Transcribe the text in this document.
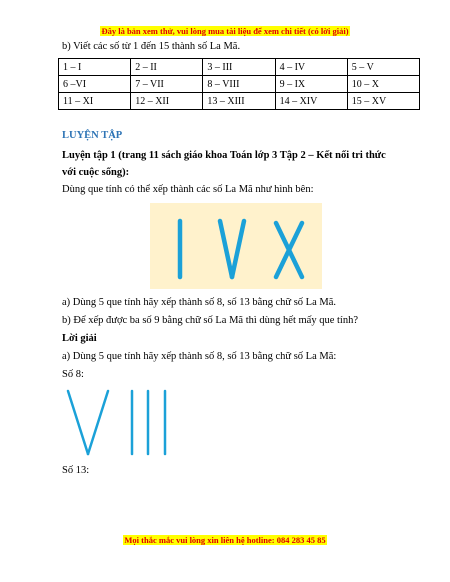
Đây là bản xem thử, vui lòng mua tài liệu để xem chi tiết (có lời giải)
b) Viết các số từ 1 đến 15 thành số La Mã.
1 – I	2 – II	3 – III	4 – IV	5 – V
6 –VI	7 – VII	8 – VIII	9 – IX	10 – X
11 – XI	12 – XII	13 – XIII	14 – XIV	15 – XV
LUYỆN TẬP
Luyện tập 1 (trang 11 sách giáo khoa Toán lớp 3 Tập 2 – Kết nối tri thức
với cuộc sống):
Dùng que tính có thể xếp thành các số La Mã như hình bên:
a) Dùng 5 que tính hãy xếp thành số 8, số 13 bằng chữ số La Mã.
b) Để xếp được ba số 9 bằng chữ số La Mã thì dùng hết mấy que tính?
Lời giải
a) Dùng 5 que tính hãy xếp thành số 8, số 13 bằng chữ số La Mã:
Số 8:
Số 13:
Mọi thắc mắc vui lòng xin liên hệ hotline: 084 283 45 85
